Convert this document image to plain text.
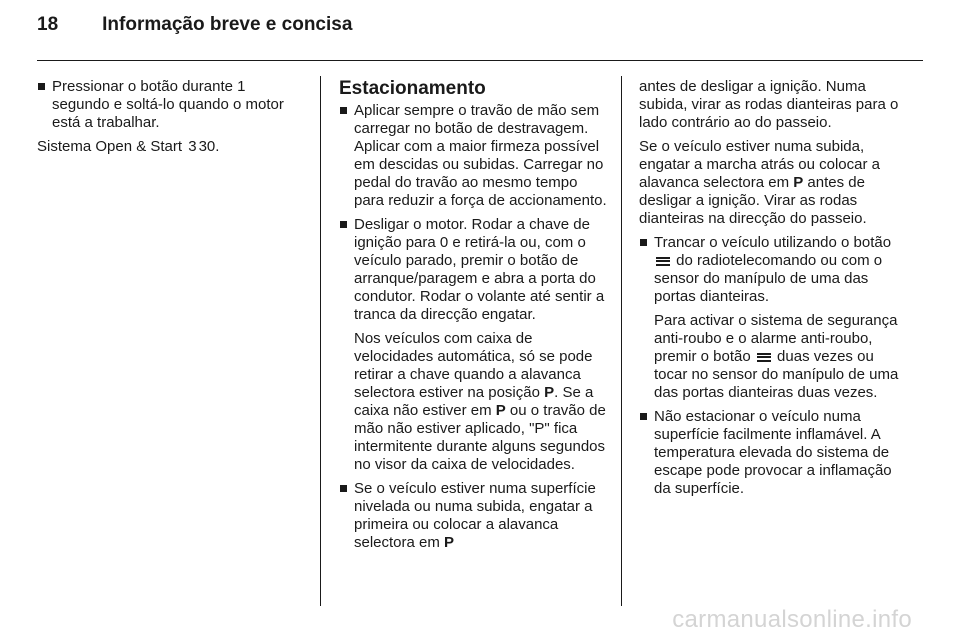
18 Informação breve e concisa

Pressionar o botão durante 1 segundo e soltá-lo quando o motor está a trabalhar.

Sistema Open & Start 3 30.

Estacionamento

Aplicar sempre o travão de mão sem carregar no botão de destravagem. Aplicar com a maior firmeza possível em descidas ou subidas. Carregar no pedal do travão ao mesmo tempo para reduzir a força de accionamento.

Desligar o motor. Rodar a chave de ignição para 0 e retirá-la ou, com o veículo parado, premir o botão de arranque/paragem e abra a porta do condutor. Rodar o volante até sentir a tranca da direcção engatar.

Nos veículos com caixa de velocidades automática, só se pode retirar a chave quando a alavanca selectora estiver na posição P. Se a caixa não estiver em P ou o travão de mão não estiver aplicado, "P" fica intermitente durante alguns segundos no visor da caixa de velocidades.

Se o veículo estiver numa superfície nivelada ou numa subida, engatar a primeira ou colocar a alavanca selectora em P

antes de desligar a ignição. Numa subida, virar as rodas dianteiras para o lado contrário ao do passeio.

Se o veículo estiver numa subida, engatar a marcha atrás ou colocar a alavanca selectora em P antes de desligar a ignição. Virar as rodas dianteiras na direcção do passeio.

Trancar o veículo utilizando o botão  do radiotelecomando ou com o sensor do manípulo de uma das portas dianteiras.

Para activar o sistema de segurança anti-roubo e o alarme anti-roubo, premir o botão  duas vezes ou tocar no sensor do manípulo de uma das portas dianteiras duas vezes.

Não estacionar o veículo numa superfície facilmente inflamável. A temperatura elevada do sistema de escape pode provocar a inflamação da superfície.

carmanualsonline.info
